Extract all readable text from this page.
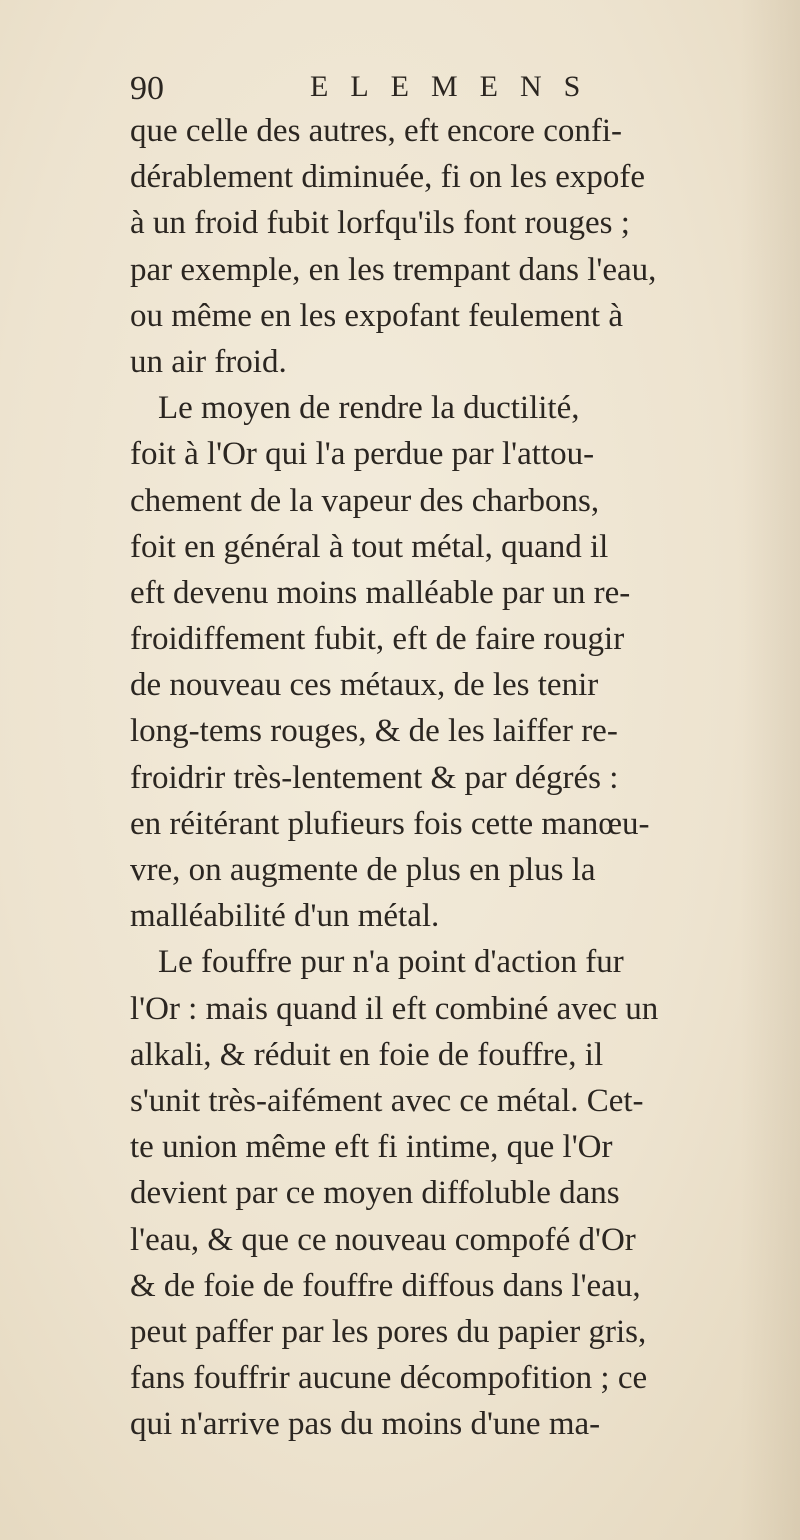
90	ELEMENS
que celle des autres, eft encore confi-
dérablement diminuée, fi on les expofe
à un froid fubit lorfqu'ils font rouges ;
par exemple, en les trempant dans l'eau,
ou même en les expofant feulement à
un air froid.
Le moyen de rendre la ductilité,
foit à l'Or qui l'a perdue par l'attou-
chement de la vapeur des charbons,
foit en général à tout métal, quand il
eft devenu moins malléable par un re-
froidiffement fubit, eft de faire rougir
de nouveau ces métaux, de les tenir
long-tems rouges, & de les laiffer re-
froidrir très-lentement & par dégrés :
en réitérant plufieurs fois cette manœu-
vre, on augmente de plus en plus la
malléabilité d'un métal.
Le fouffre pur n'a point d'action fur
l'Or : mais quand il eft combiné avec un
alkali, & réduit en foie de fouffre, il
s'unit très-aifément avec ce métal. Cet-
te union même eft fi intime, que l'Or
devient par ce moyen diffoluble dans
l'eau, & que ce nouveau compofé d'Or
& de foie de fouffre diffous dans l'eau,
peut paffer par les pores du papier gris,
fans fouffrir aucune décompofition ; ce
qui n'arrive pas du moins d'une ma-
